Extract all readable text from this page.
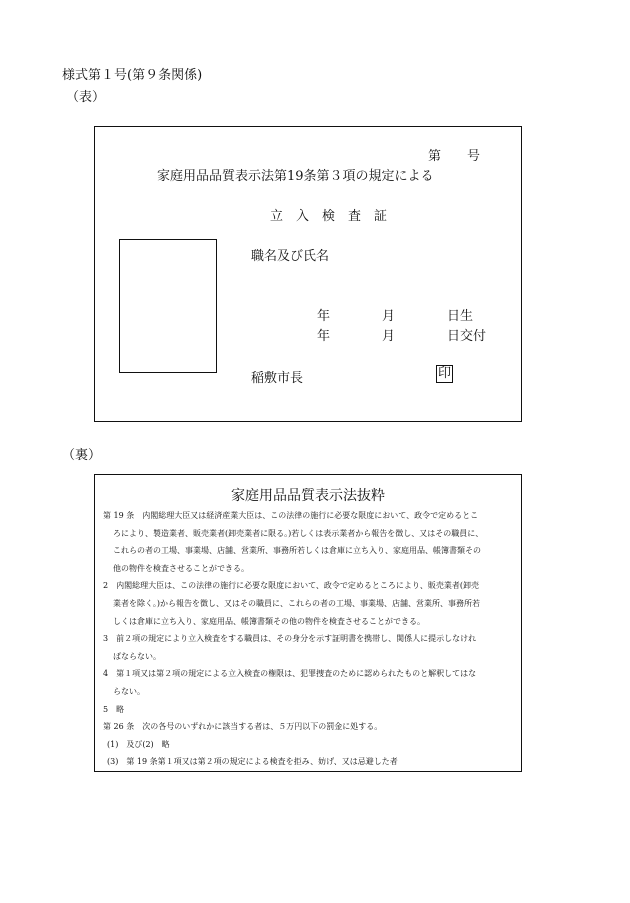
様式第１号(第９条関係)
（表）
第　　号
家庭用品品質表示法第19条第３項の規定による
立　入　検　査　証
職名及び氏名
年　　　　月　　　　日生
年　　　　月　　　　日交付
稲敷市長	印
（裏）
家庭用品品質表示法抜粋
第 19 条　内閣総理大臣又は経済産業大臣は、この法律の施行に必要な限度において、政令で定めるとこ
ろにより、製造業者、販売業者(卸売業者に限る。)若しくは表示業者から報告を徴し、又はその職員に、
これらの者の工場、事業場、店舗、営業所、事務所若しくは倉庫に立ち入り、家庭用品、帳簿書類その
他の物件を検査させることができる。
2　内閣総理大臣は、この法律の施行に必要な限度において、政令で定めるところにより、販売業者(卸売
業者を除く。)から報告を徴し、又はその職員に、これらの者の工場、事業場、店舗、営業所、事務所若
しくは倉庫に立ち入り、家庭用品、帳簿書類その他の物件を検査させることができる。
3　前２項の規定により立入検査をする職員は、その身分を示す証明書を携帯し、関係人に提示しなけれ
ばならない。
4　第１項又は第２項の規定による立入検査の権限は、犯罪捜査のために認められたものと解釈してはな
らない。
5　略
第 26 条　次の各号のいずれかに該当する者は、５万円以下の罰金に処する。
(1)　及び(2)　略
(3)　第 19 条第１項又は第２項の規定による検査を拒み、妨げ、又は忌避した者
